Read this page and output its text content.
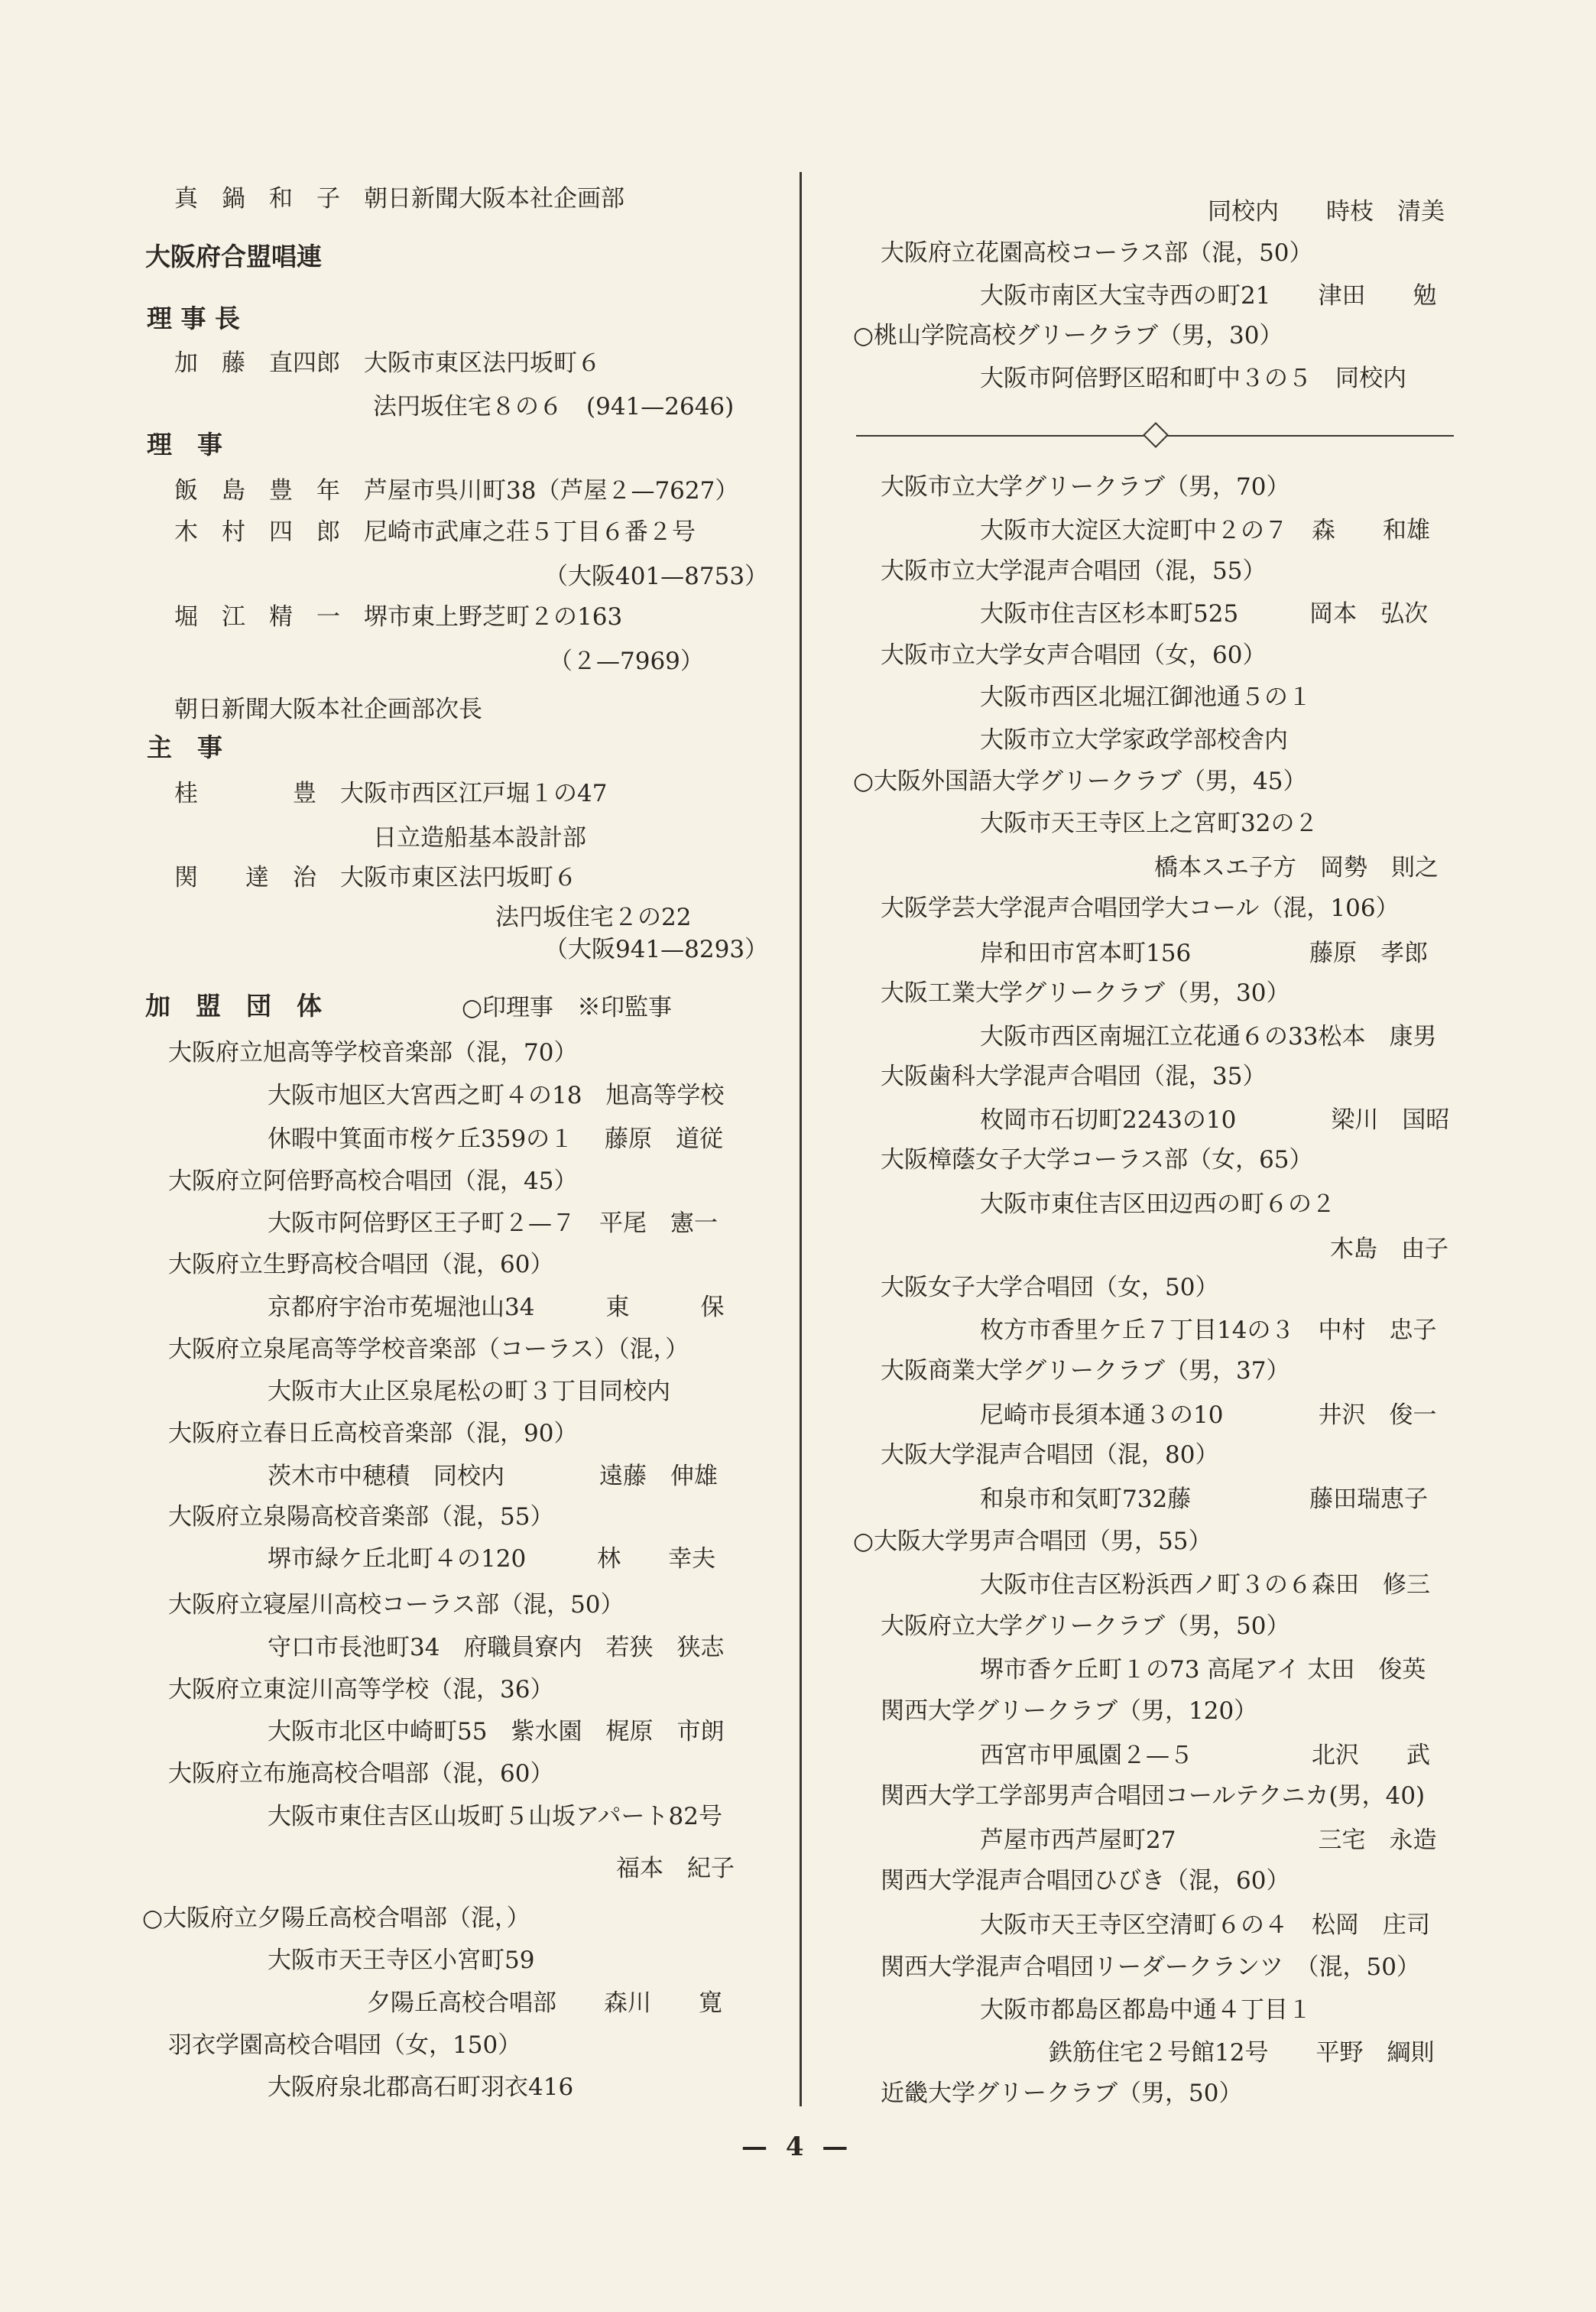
真　鍋　和　子　朝日新聞大阪本社企画部
大阪府合盟唱連
理 事 長
加　藤　直四郎　大阪市東区法円坂町６
法円坂住宅８の６　(941—2646)
理　事
飯　島　豊　年　芦屋市呉川町38（芦屋２—7627）
木　村　四　郎　尼崎市武庫之荘５丁目６番２号
（大阪401—8753）
堀　江　精　一　堺市東上野芝町２の163
（２—7969）
朝日新聞大阪本社企画部次長
主　事
桂　　　　豊　大阪市西区江戸堀１の47
日立造船基本設計部
関　　達　治　大阪市東区法円坂町６
法円坂住宅２の22
（大阪941—8293）
加　盟　団　体	○印理事　※印監事
大阪府立旭高等学校音楽部（混，70）
大阪市旭区大宮西之町４の18　旭高等学校
休暇中箕面市桜ケ丘359の１　 藤原　道従
大阪府立阿倍野高校合唱団（混，45）
大阪市阿倍野区王子町２—７　平尾　憲一
大阪府立生野高校合唱団（混，60）
京都府宇治市莬堀池山34　　　東　　　保
大阪府立泉尾高等学校音楽部（コーラス）（混，）
大阪市大止区泉尾松の町３丁目同校内
大阪府立春日丘高校音楽部（混，90）
茨木市中穂積　同校内　　　　遠藤　伸雄
大阪府立泉陽高校音楽部（混，55）
堺市緑ケ丘北町４の120　　　林　　幸夫
大阪府立寝屋川高校コーラス部（混，50）
守口市長池町34　府職員寮内　若狭　狭志
大阪府立東淀川高等学校（混，36）
大阪市北区中崎町55　紫水園　梶原　市朗
大阪府立布施高校合唱部（混，60）
大阪市東住吉区山坂町５山坂アパート82号
福本　紀子
○大阪府立夕陽丘高校合唱部（混，）
大阪市天王寺区小宮町59
夕陽丘高校合唱部　　森川　　寛
羽衣学園高校合唱団（女，150）
大阪府泉北郡高石町羽衣416
同校内　　時枝　清美
大阪府立花園高校コーラス部（混，50）
大阪市南区大宝寺西の町21　　津田　　勉
○桃山学院高校グリークラブ（男，30）
大阪市阿倍野区昭和町中３の５　同校内
大阪市立大学グリークラブ（男，70）
大阪市大淀区大淀町中２の７　森　　和雄
大阪市立大学混声合唱団（混，55）
大阪市住吉区杉本町525　　　岡本　弘次
大阪市立大学女声合唱団（女，60）
大阪市西区北堀江御池通５の１
大阪市立大学家政学部校舎内
○大阪外国語大学グリークラブ（男，45）
大阪市天王寺区上之宮町32の２
橋本スエ子方　岡勢　則之
大阪学芸大学混声合唱団学大コール（混，106）
岸和田市宮本町156　　　　　藤原　孝郎
大阪工業大学グリークラブ（男，30）
大阪市西区南堀江立花通６の33松本　康男
大阪歯科大学混声合唱団（混，35）
枚岡市石切町2243の10　　　　梁川　国昭
大阪樟蔭女子大学コーラス部（女，65）
大阪市東住吉区田辺西の町６の２
木島　由子
大阪女子大学合唱団（女，50）
枚方市香里ケ丘７丁目14の３　中村　忠子
大阪商業大学グリークラブ（男，37）
尼崎市長須本通３の10　　　　井沢　俊一
大阪大学混声合唱団（混，80）
和泉市和気町732藤　　　　　藤田瑞恵子
○大阪大学男声合唱団（男，55）
大阪市住吉区粉浜西ノ町３の６森田　修三
大阪府立大学グリークラブ（男，50）
堺市香ケ丘町１の73 高尾アイ 太田　俊英
関西大学グリークラブ（男，120）
西宮市甲風園２—５　　　　　北沢　　武
関西大学工学部男声合唱団コールテクニカ(男，40)
芦屋市西芦屋町27　　　　　　三宅　永造
関西大学混声合唱団ひびき（混，60）
大阪市天王寺区空清町６の４　松岡　庄司
関西大学混声合唱団リーダークランツ　（混，50）
大阪市都島区都島中通４丁目１
鉄筋住宅２号館12号　　平野　綱則
近畿大学グリークラブ（男，50）
— 4 —
